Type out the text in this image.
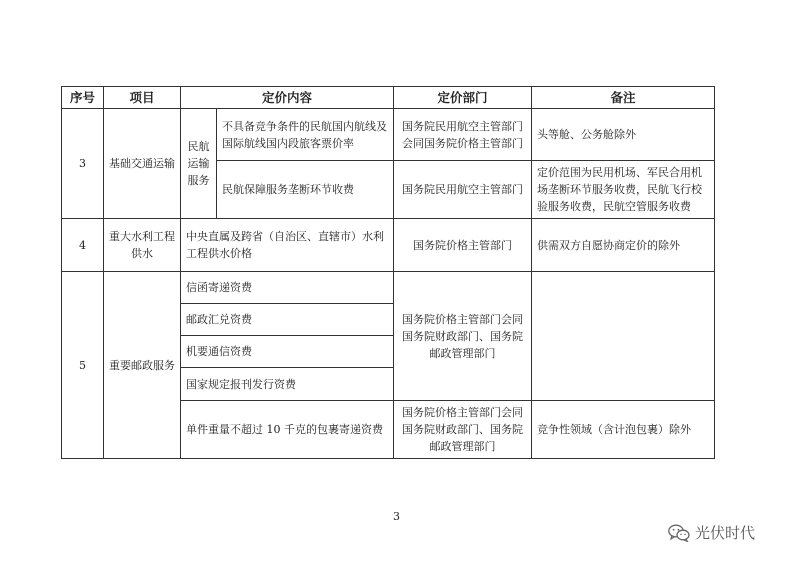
序号	项目	定价内容		定价部门	备注
3	基础交通运输	民航运输服务	不具备竞争条件的民航国内航线及国际航线国内段旅客票价率	国务院民用航空主管部门会同国务院价格主管部门	头等舱、公务舱除外
			民航保障服务垄断环节收费	国务院民用航空主管部门	定价范围为民用机场、军民合用机场垄断环节服务收费，民航飞行校验服务收费，民航空管服务收费
4	重大水利工程供水	中央直属及跨省（自治区、直辖市）水利工程供水价格		国务院价格主管部门	供需双方自愿协商定价的除外
5	重要邮政服务	信函寄递资费		国务院价格主管部门会同国务院财政部门、国务院邮政管理部门	
		邮政汇兑资费			
		机要通信资费			
		国家规定报刊发行资费			
		单件重量不超过 10 千克的包裹寄递资费		国务院价格主管部门会同国务院财政部门、国务院邮政管理部门	竞争性领域（含计泡包裹）除外
3
光伏时代
